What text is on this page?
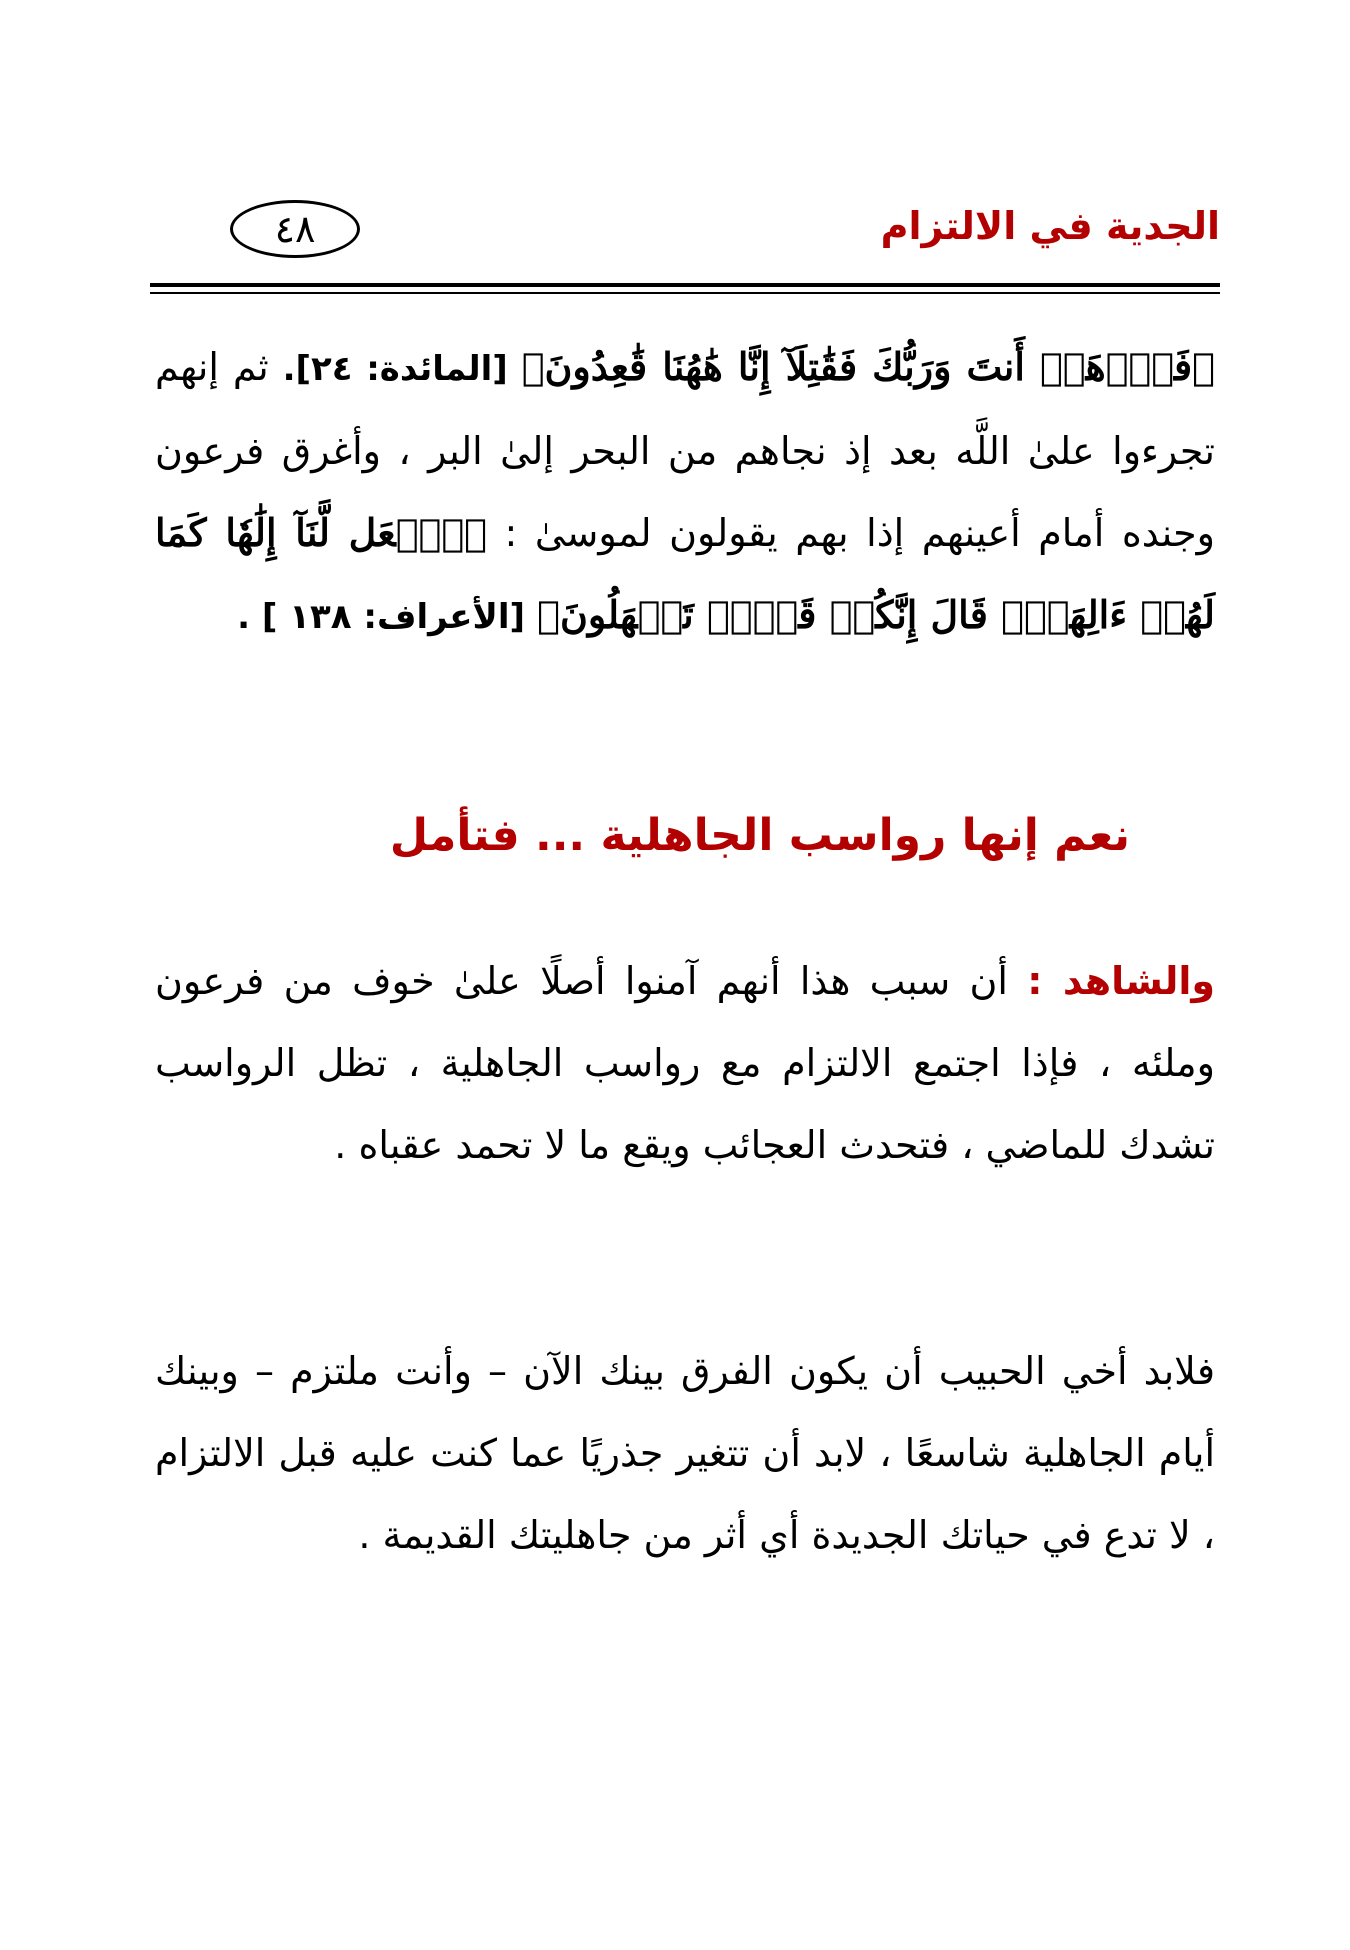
الجدية في الالتزام
٤٨
﴿فَٱذۡهَبۡ أَنتَ وَرَبُّكَ فَقَٰتِلَآ إِنَّا هَٰهُنَا قَٰعِدُونَ﴾ [المائدة: ٢٤]. ثم إنهم تجرءوا علىٰ اللَّه بعد إذ نجاهم من البحر إلىٰ البر ، وأغرق فرعون وجنده أمام أعينهم إذا بهم يقولون لموسىٰ : ﴿ٱجۡعَل لَّنَآ إِلَٰهٗا كَمَا لَهُمۡ ءَالِهَةٞۚ قَالَ إِنَّكُمۡ قَوۡمٞ تَجۡهَلُونَ﴾ [الأعراف: ١٣٨ ] .
نعم إنها رواسب الجاهلية ... فتأمل
والشاهد : أن سبب هذا أنهم آمنوا أصلًا علىٰ خوف من فرعون وملئه ، فإذا اجتمع الالتزام مع رواسب الجاهلية ، تظل الرواسب تشدك للماضي ، فتحدث العجائب ويقع ما لا تحمد عقباه .
فلابد أخي الحبيب أن يكون الفرق بينك الآن – وأنت ملتزم – وبينك أيام الجاهلية شاسعًا ، لابد أن تتغير جذريًا عما كنت عليه قبل الالتزام ، لا تدع في حياتك الجديدة أي أثر من جاهليتك القديمة .
